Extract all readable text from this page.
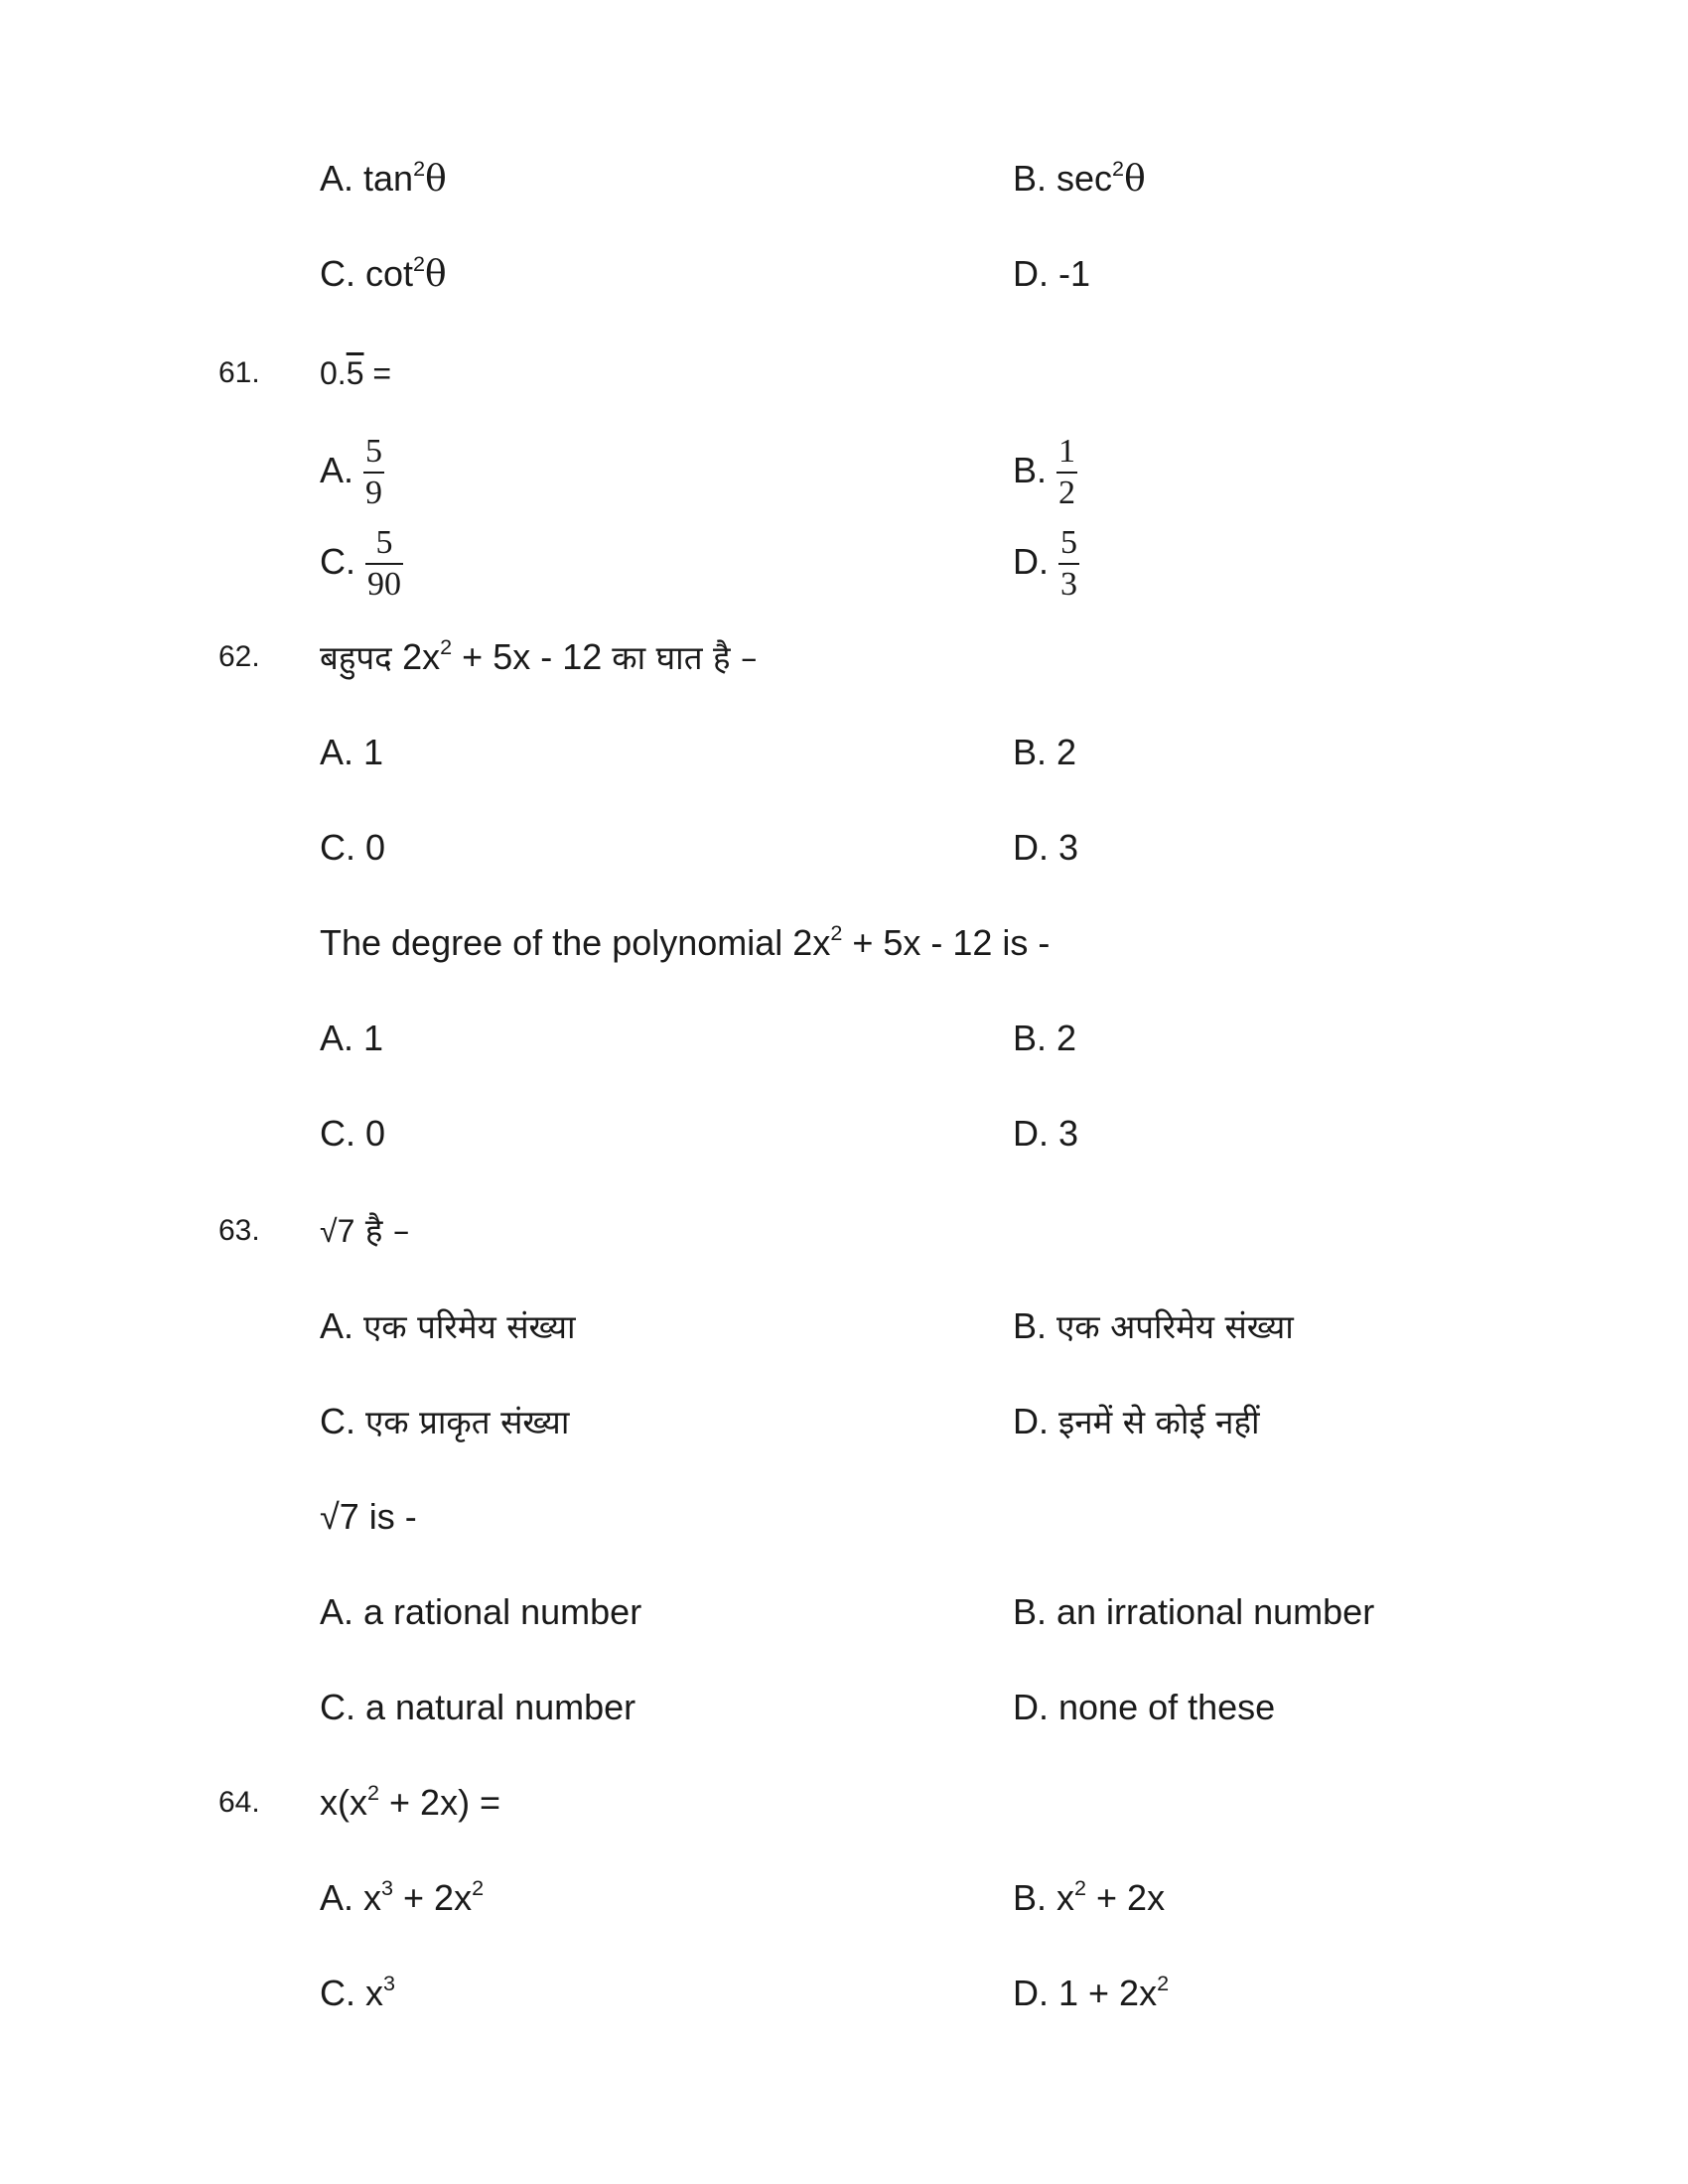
A. $\tan^2\theta$	B. $\sec^2\theta$
C. $\cot^2\theta$	D. -1
61. 0.5 =
A. $\frac{5}{9}$	B. $\frac{1}{2}$
C. $\frac{5}{90}$	D. $\frac{5}{3}$
62. बहुपद $2x^2 + 5x - 12$ का घात है –
A. 1	B. 2
C. 0	D. 3
The degree of the polynomial $2x^2 + 5x - 12$ is -
A. 1	B. 2
C. 0	D. 3
63. √7 है –
A. एक परिमेय संख्या	B. एक अपरिमेय संख्या
C. एक प्राकृत संख्या	D. इनमें से कोई नहीं
√7 is -
A. a rational number	B. an irrational number
C. a natural number	D. none of these
64. $x(x^2 + 2x)$ =
A. $x^3 + 2x^2$	B. $x^2 + 2x$
C. $x^3$	D. $1 + 2x^2$
